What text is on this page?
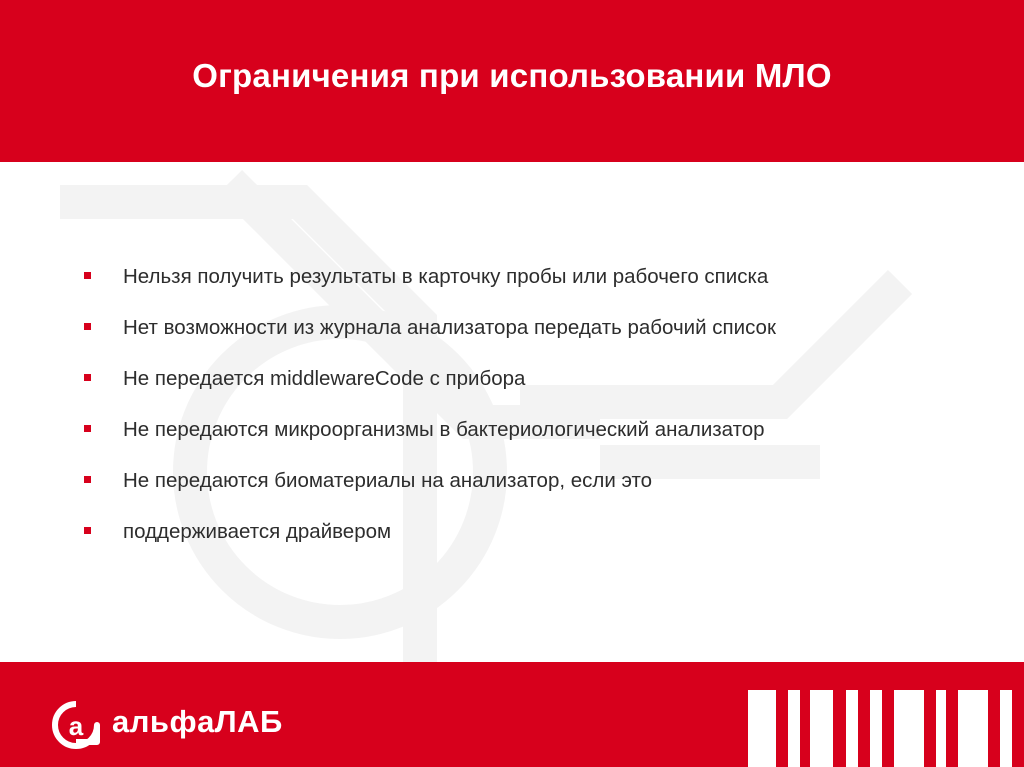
Ограничения при использовании МЛО
Нельзя получить результаты в карточку пробы или рабочего списка
Нет возможности из журнала анализатора передать рабочий список
Не передается middlewareCode с прибора
Не передаются микроорганизмы в бактериологический анализатор
Не передаются биоматериалы на анализатор, если это
поддерживается драйвером
a альфаЛАБ
